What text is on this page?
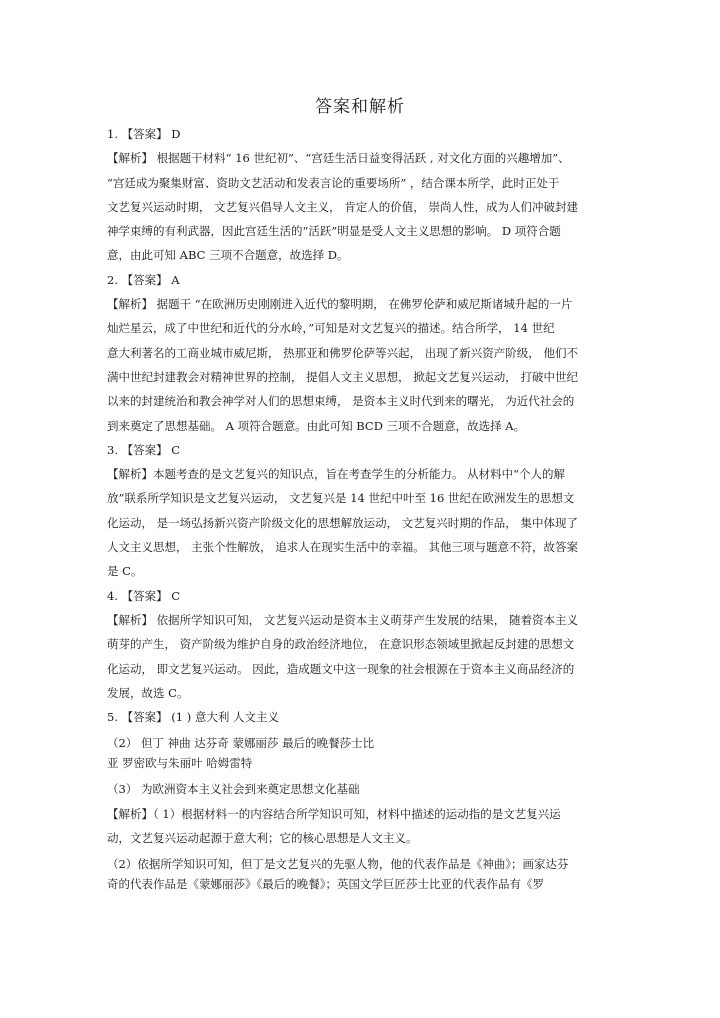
答案和解析

1. 【答案】 D

【解析】 根据题干材料“ 16 世纪初”、“宫廷生活日益变得活跃 , 对文化方面的兴趣增加”、

“宫廷成为聚集财富、资助文艺活动和发表言论的重要场所” ，结合课本所学，此时正处于

文艺复兴运动时期， 文艺复兴倡导人文主义， 肯定人的价值， 崇尚人性，成为人们冲破封建

神学束缚的有利武器，因此宫廷生活的“活跃”明显是受人文主义思想的影响。 D 项符合题

意，由此可知 ABC 三项不合题意，故选择 D。

2. 【答案】 A

【解析】 据题干 “在欧洲历史刚刚进入近代的黎明期， 在佛罗伦萨和威尼斯诸城升起的一片

灿烂星云，成了中世纪和近代的分水岭，”可知是对文艺复兴的描述。结合所学， 14 世纪

意大利著名的工商业城市威尼斯， 热那亚和佛罗伦萨等兴起， 出现了新兴资产阶级， 他们不

满中世纪封建教会对精神世界的控制， 提倡人文主义思想， 掀起文艺复兴运动， 打破中世纪

以来的封建统治和教会神学对人们的思想束缚， 是资本主义时代到来的曙光， 为近代社会的

到来奠定了思想基础。 A 项符合题意。由此可知 BCD 三项不合题意，故选择 A。

3. 【答案】 C

【解析】本题考查的是文艺复兴的知识点，旨在考查学生的分析能力。 从材料中“个人的解

放”联系所学知识是文艺复兴运动， 文艺复兴是 14 世纪中叶至 16 世纪在欧洲发生的思想文

化运动， 是一场弘扬新兴资产阶级文化的思想解放运动， 文艺复兴时期的作品， 集中体现了

人文主义思想， 主张个性解放， 追求人在现实生活中的幸福。 其他三项与题意不符，故答案

是 C。

4. 【答案】 C

【解析】 依据所学知识可知， 文艺复兴运动是资本主义萌芽产生发展的结果， 随着资本主义

萌芽的产生， 资产阶级为维护自身的政治经济地位， 在意识形态领域里掀起反封建的思想文

化运动， 即文艺复兴运动。 因此，造成题文中这一现象的社会根源在于资本主义商品经济的

发展，故选 C。

5. 【答案】 (1 ) 意大利 人文主义

（2） 但丁 神曲 达芬奇 蒙娜丽莎 最后的晚餐莎士比

亚 罗密欧与朱丽叶 哈姆雷特

（3） 为欧洲资本主义社会到来奠定思想文化基础

【解析】（ 1）根据材料一的内容结合所学知识可知，材料中描述的运动指的是文艺复兴运

动，文艺复兴运动起源于意大利；它的核心思想是人文主义。

（2）依据所学知识可知，但丁是文艺复兴的先驱人物，他的代表作品是《神曲》；画家达芬

奇的代表作品是《蒙娜丽莎》《最后的晚餐》；英国文学巨匠莎士比亚的代表作品有《罗
